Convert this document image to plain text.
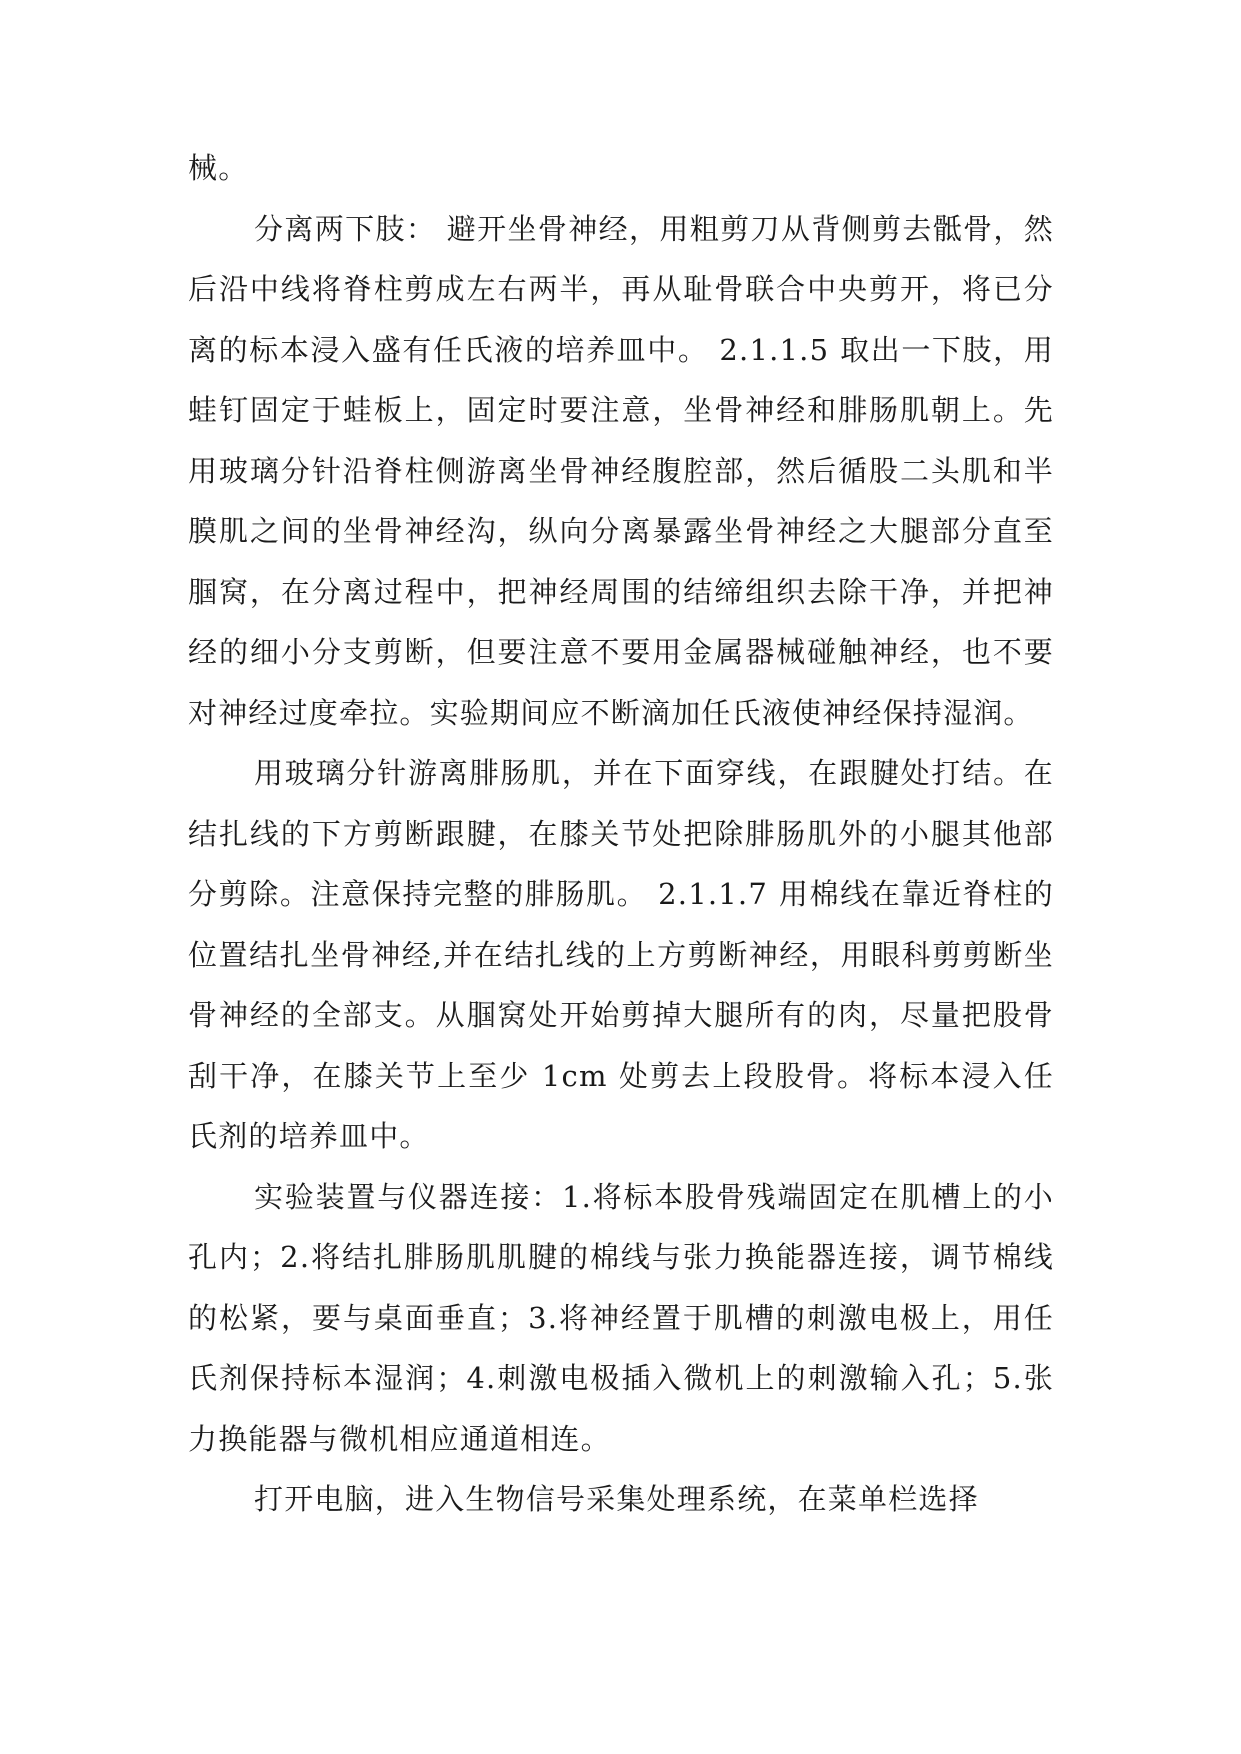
械。

分离两下肢： 避开坐骨神经，用粗剪刀从背侧剪去骶骨，然后沿中线将脊柱剪成左右两半，再从耻骨联合中央剪开，将已分离的标本浸入盛有任氏液的培养皿中。 2.1.1.5 取出一下肢，用蛙钉固定于蛙板上，固定时要注意，坐骨神经和腓肠肌朝上。先用玻璃分针沿脊柱侧游离坐骨神经腹腔部，然后循股二头肌和半膜肌之间的坐骨神经沟，纵向分离暴露坐骨神经之大腿部分直至腘窝，在分离过程中，把神经周围的结缔组织去除干净，并把神经的细小分支剪断，但要注意不要用金属器械碰触神经，也不要对神经过度牵拉。实验期间应不断滴加任氏液使神经保持湿润。

用玻璃分针游离腓肠肌，并在下面穿线，在跟腱处打结。在结扎线的下方剪断跟腱，在膝关节处把除腓肠肌外的小腿其他部分剪除。注意保持完整的腓肠肌。 2.1.1.7 用棉线在靠近脊柱的位置结扎坐骨神经,并在结扎线的上方剪断神经，用眼科剪剪断坐骨神经的全部支。从腘窝处开始剪掉大腿所有的肉，尽量把股骨刮干净，在膝关节上至少 1cm 处剪去上段股骨。将标本浸入任氏剂的培养皿中。

实验装置与仪器连接：1.将标本股骨残端固定在肌槽上的小孔内；2.将结扎腓肠肌肌腱的棉线与张力换能器连接，调节棉线的松紧，要与桌面垂直；3.将神经置于肌槽的刺激电极上，用任氏剂保持标本湿润；4.刺激电极插入微机上的刺激输入孔；5.张力换能器与微机相应通道相连。

打开电脑，进入生物信号采集处理系统，在菜单栏选择
